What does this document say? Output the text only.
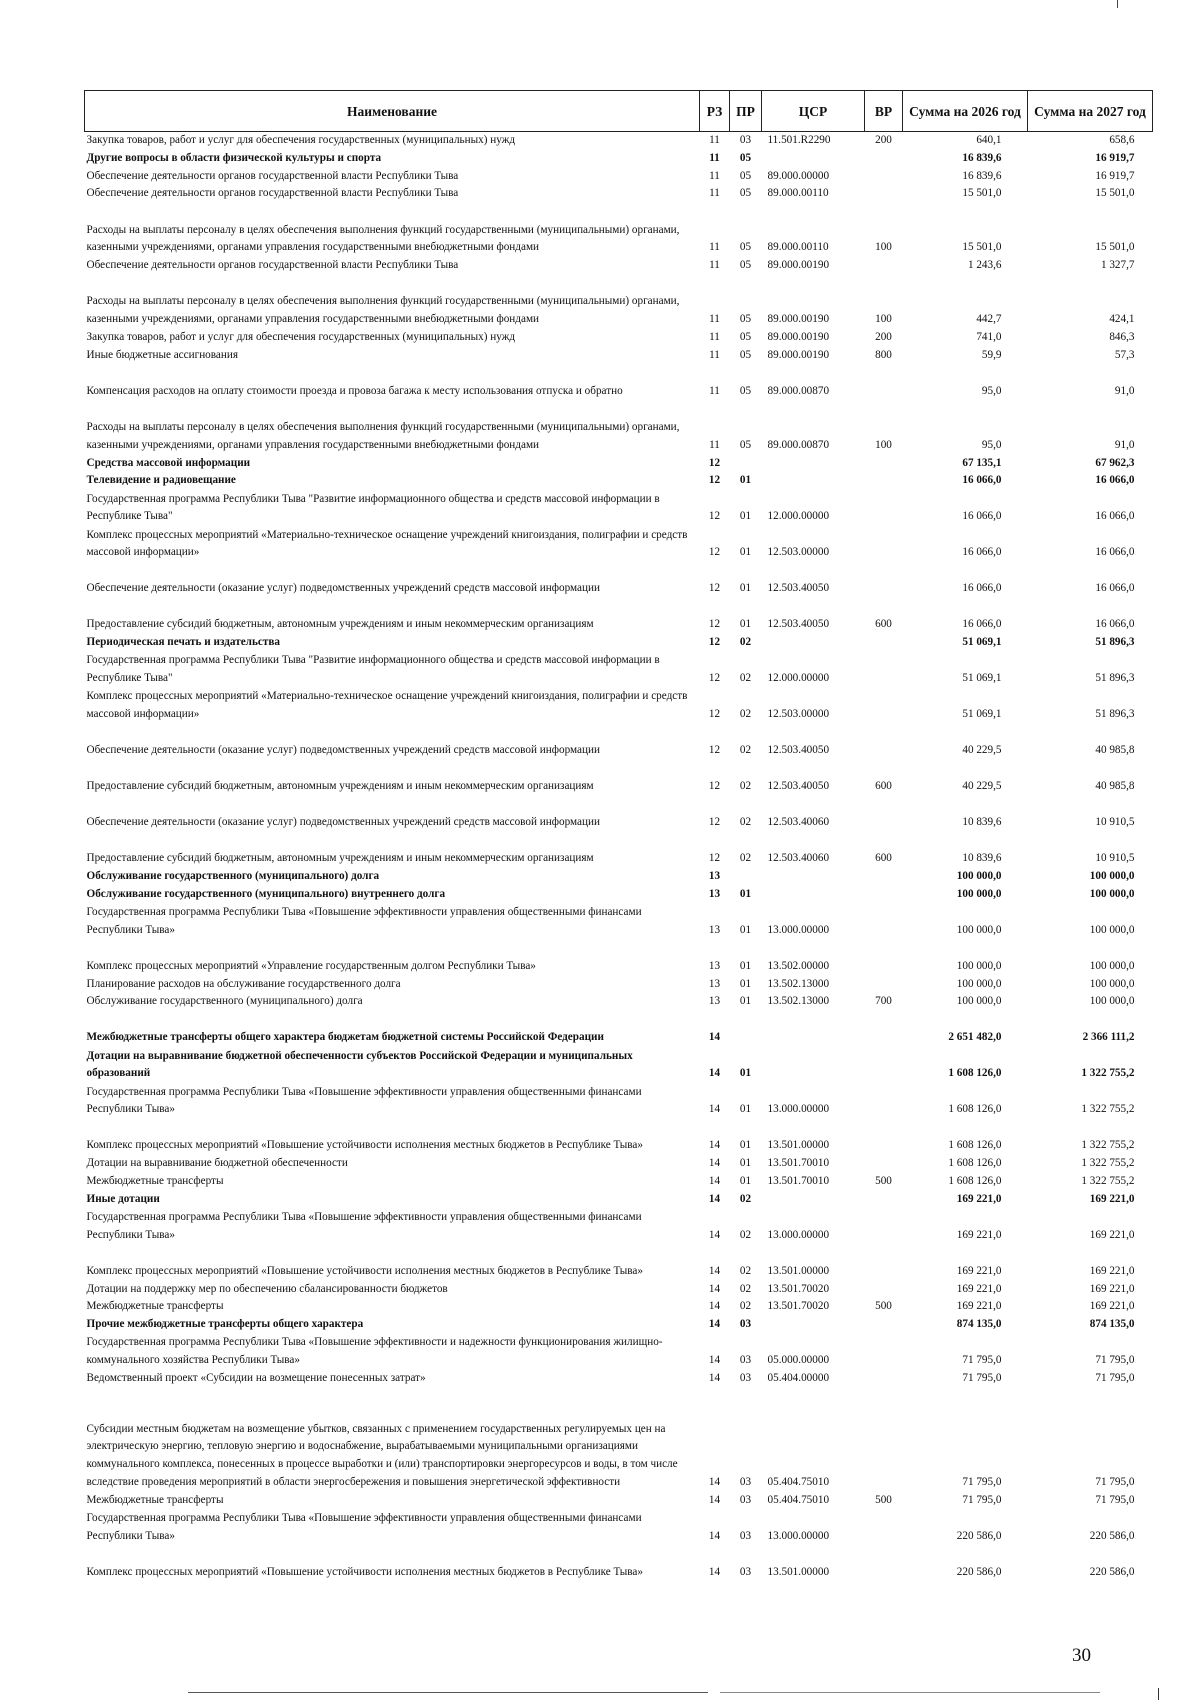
Наименование	РЗ	ПР	ЦСР	ВР	Сумма на 2026 год	Сумма на 2027 год
Закупка товаров, работ и услуг для обеспечения государственных (муниципальных) нужд	11	03	11.501.R2290	200	640,1	658,6
Другие вопросы в области физической культуры и спорта	11	05			16 839,6	16 919,7
Обеспечение деятельности органов государственной власти Республики Тыва	11	05	89.000.00000		16 839,6	16 919,7
Обеспечение деятельности органов государственной власти Республики Тыва	11	05	89.000.00110		15 501,0	15 501,0
Расходы на выплаты персоналу в целях обеспечения выполнения функций государственными (муниципальными) органами, казенными учреждениями, органами управления государственными внебюджетными фондами	11	05	89.000.00110	100	15 501,0	15 501,0
Обеспечение деятельности органов государственной власти Республики Тыва	11	05	89.000.00190		1 243,6	1 327,7
Расходы на выплаты персоналу в целях обеспечения выполнения функций государственными (муниципальными) органами, казенными учреждениями, органами управления государственными внебюджетными фондами	11	05	89.000.00190	100	442,7	424,1
Закупка товаров, работ и услуг для обеспечения государственных (муниципальных) нужд	11	05	89.000.00190	200	741,0	846,3
Иные бюджетные ассигнования	11	05	89.000.00190	800	59,9	57,3
Компенсация расходов на оплату стоимости проезда и провоза багажа к месту использования отпуска и обратно	11	05	89.000.00870		95,0	91,0
Расходы на выплаты персоналу в целях обеспечения выполнения функций государственными (муниципальными) органами, казенными учреждениями, органами управления государственными внебюджетными фондами	11	05	89.000.00870	100	95,0	91,0
Средства массовой информации	12				67 135,1	67 962,3
Телевидение и радиовещание	12	01			16 066,0	16 066,0
Государственная программа Республики Тыва "Развитие информационного общества и средств массовой информации в Республике Тыва"	12	01	12.000.00000		16 066,0	16 066,0
Комплекс процессных мероприятий «Материально-техническое оснащение учреждений книгоиздания, полиграфии и средств массовой информации»	12	01	12.503.00000		16 066,0	16 066,0
Обеспечение деятельности (оказание услуг) подведомственных учреждений средств массовой информации	12	01	12.503.40050		16 066,0	16 066,0
Предоставление субсидий бюджетным, автономным учреждениям и иным некоммерческим организациям	12	01	12.503.40050	600	16 066,0	16 066,0
Периодическая печать и издательства	12	02			51 069,1	51 896,3
Государственная программа Республики Тыва "Развитие информационного общества и средств массовой информации в Республике Тыва"	12	02	12.000.00000		51 069,1	51 896,3
Комплекс процессных мероприятий «Материально-техническое оснащение учреждений книгоиздания, полиграфии и средств массовой информации»	12	02	12.503.00000		51 069,1	51 896,3
Обеспечение деятельности (оказание услуг) подведомственных учреждений средств массовой информации	12	02	12.503.40050		40 229,5	40 985,8
Предоставление субсидий бюджетным, автономным учреждениям и иным некоммерческим организациям	12	02	12.503.40050	600	40 229,5	40 985,8
Обеспечение деятельности (оказание услуг) подведомственных учреждений средств массовой информации	12	02	12.503.40060		10 839,6	10 910,5
Предоставление субсидий бюджетным, автономным учреждениям и иным некоммерческим организациям	12	02	12.503.40060	600	10 839,6	10 910,5
Обслуживание государственного (муниципального) долга	13				100 000,0	100 000,0
Обслуживание государственного (муниципального) внутреннего долга	13	01			100 000,0	100 000,0
Государственная программа Республики Тыва «Повышение эффективности управления общественными финансами Республики Тыва»	13	01	13.000.00000		100 000,0	100 000,0
Комплекс процессных мероприятий «Управление государственным долгом Республики Тыва»	13	01	13.502.00000		100 000,0	100 000,0
Планирование расходов на обслуживание государственного долга	13	01	13.502.13000		100 000,0	100 000,0
Обслуживание государственного (муниципального) долга	13	01	13.502.13000	700	100 000,0	100 000,0
Межбюджетные трансферты общего характера бюджетам бюджетной системы Российской Федерации	14				2 651 482,0	2 366 111,2
Дотации на выравнивание бюджетной обеспеченности субъектов Российской Федерации и муниципальных образований	14	01			1 608 126,0	1 322 755,2
Государственная программа Республики Тыва «Повышение эффективности управления общественными финансами Республики Тыва»	14	01	13.000.00000		1 608 126,0	1 322 755,2
Комплекс процессных мероприятий «Повышение устойчивости исполнения местных бюджетов в Республике Тыва»	14	01	13.501.00000		1 608 126,0	1 322 755,2
Дотации на выравнивание бюджетной обеспеченности	14	01	13.501.70010		1 608 126,0	1 322 755,2
Межбюджетные трансферты	14	01	13.501.70010	500	1 608 126,0	1 322 755,2
Иные дотации	14	02			169 221,0	169 221,0
Государственная программа Республики Тыва «Повышение эффективности управления общественными финансами Республики Тыва»	14	02	13.000.00000		169 221,0	169 221,0
Комплекс процессных мероприятий «Повышение устойчивости исполнения местных бюджетов в Республике Тыва»	14	02	13.501.00000		169 221,0	169 221,0
Дотации на поддержку мер по обеспечению сбалансированности бюджетов	14	02	13.501.70020		169 221,0	169 221,0
Межбюджетные трансферты	14	02	13.501.70020	500	169 221,0	169 221,0
Прочие межбюджетные трансферты общего характера	14	03			874 135,0	874 135,0
Государственная программа Республики Тыва «Повышение эффективности и надежности функционирования жилищно-коммунального хозяйства Республики Тыва»	14	03	05.000.00000		71 795,0	71 795,0
Ведомственный проект «Субсидии на возмещение понесенных затрат»	14	03	05.404.00000		71 795,0	71 795,0
Субсидии местным бюджетам на возмещение убытков, связанных с применением государственных регулируемых цен на электрическую энергию, тепловую энергию и водоснабжение, вырабатываемыми муниципальными организациями коммунального комплекса, понесенных в процессе выработки и (или) транспортировки энергоресурсов и воды, в том числе вследствие проведения мероприятий в области энергосбережения и повышения энергетической эффективности	14	03	05.404.75010		71 795,0	71 795,0
Межбюджетные трансферты	14	03	05.404.75010	500	71 795,0	71 795,0
Государственная программа Республики Тыва «Повышение эффективности управления общественными финансами Республики Тыва»	14	03	13.000.00000		220 586,0	220 586,0
Комплекс процессных мероприятий «Повышение устойчивости исполнения местных бюджетов в Республике Тыва»	14	03	13.501.00000		220 586,0	220 586,0
30
